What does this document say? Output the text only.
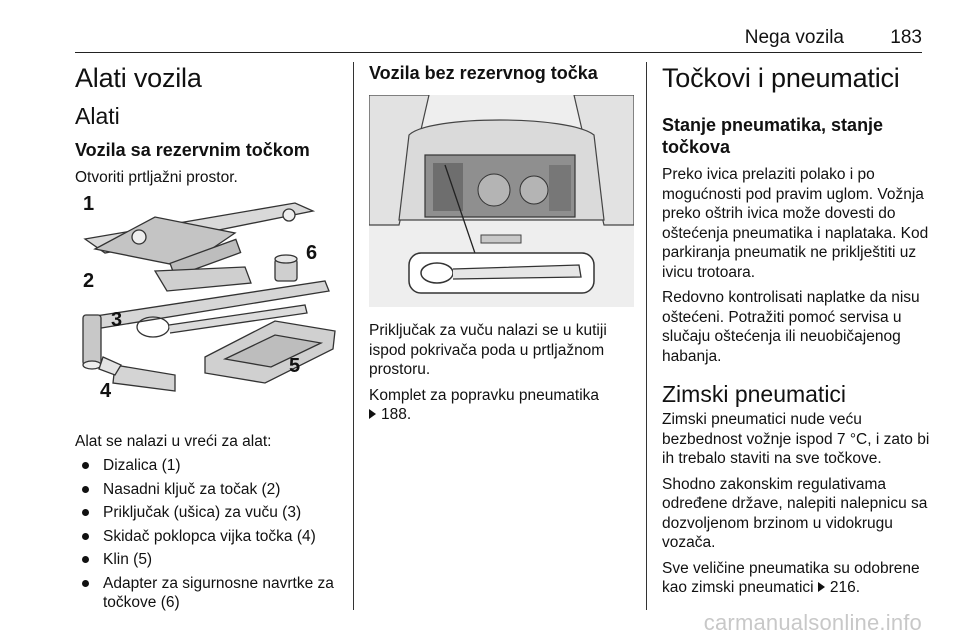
Nega vozila 183
Alati vozila
Alati
Vozila sa rezervnim točkom

Otvoriti prtljažni prostor.

1
2
3
4
5
6

Alat se nalazi u vreći za alat:

Dizalica (1)
Nasadni ključ za točak (2)
Priključak (ušica) za vuču (3)
Skidač poklopca vijka točka (4)
Klin (5)
Adapter za sigurnosne navrtke za točkove (6)
Vozila bez rezervnog točka

Priključak za vuču nalazi se u kutiji ispod pokrivača poda u prtljažnom prostoru.

Komplet za popravku pneumatika
188.

Točkovi i pneumatici
Stanje pneumatika, stanje točkova

Preko ivica prelaziti polako i po mogućnosti pod pravim uglom. Vožnja preko oštrih ivica može dovesti do oštećenja pneumatika i naplataka. Kod parkiranja pneumatik ne priklještiti uz ivicu trotoara.

Redovno kontrolisati naplatke da nisu oštećeni. Potražiti pomoć servisa u slučaju oštećenja ili neuobičajenog habanja.

Zimski pneumatici

Zimski pneumatici nude veću bezbednost vožnje ispod 7 °C, i zato bi ih trebalo staviti na sve točkove.

Shodno zakonskim regulativama određene države, nalepiti nalepnicu sa dozvoljenom brzinom u vidokrugu vozača.

Sve veličine pneumatika su odobrene kao zimski pneumatici 216.

carmanualsonline.info
